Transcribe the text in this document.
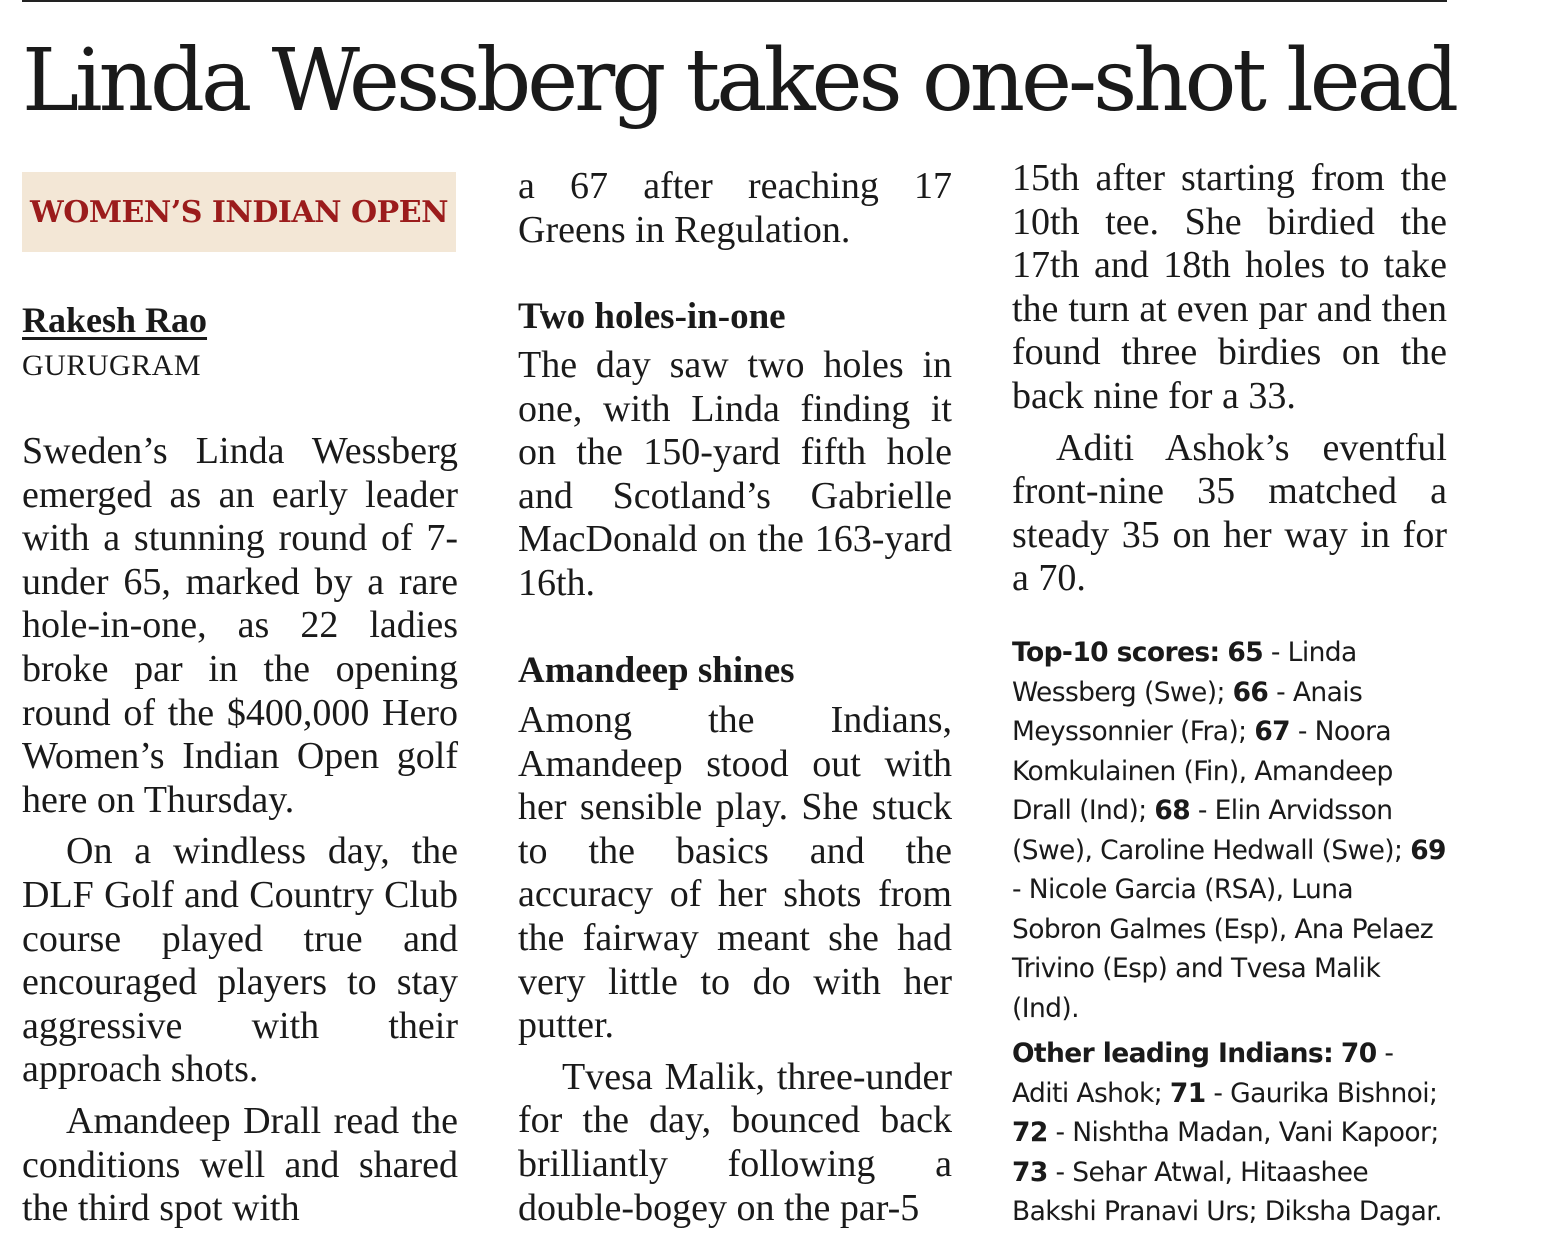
Linda Wessberg takes one-shot lead
WOMEN’S INDIAN OPEN
Rakesh Rao
GURUGRAM

Sweden’s Linda Wessberg emerged as an early leader with a stunning round of 7-under 65, marked by a rare hole-in-one, as 22 ladies broke par in the opening round of the $400,000 Hero Women’s Indian Open golf here on Thursday.

On a windless day, the DLF Golf and Country Club course played true and encouraged players to stay aggressive with their approach shots.

Amandeep Drall read the conditions well and shared the third spot with

a 67 after reaching 17 Greens in Regulation.

Two holes-in-one

The day saw two holes in one, with Linda finding it on the 150-yard fifth hole and Scotland’s Gabrielle MacDonald on the 163-yard 16th.

Amandeep shines

Among the Indians, Amandeep stood out with her sensible play. She stuck to the basics and the accuracy of her shots from the fairway meant she had very little to do with her putter.

Tvesa Malik, three-under for the day, bounced back brilliantly following a double-bogey on the par-5

15th after starting from the 10th tee. She birdied the 17th and 18th holes to take the turn at even par and then found three birdies on the back nine for a 33.

Aditi Ashok’s eventful front-nine 35 matched a steady 35 on her way in for a 70.

Top-10 scores: 65 - Linda Wessberg (Swe); 66 - Anais Meyssonnier (Fra); 67 - Noora Komkulainen (Fin), Amandeep Drall (Ind); 68 - Elin Arvidsson (Swe), Caroline Hedwall (Swe); 69 - Nicole Garcia (RSA), Luna Sobron Galmes (Esp), Ana Pelaez Trivino (Esp) and Tvesa Malik (Ind).

Other leading Indians: 70 - Aditi Ashok; 71 - Gaurika Bishnoi; 72 - Nishtha Madan, Vani Kapoor; 73 - Sehar Atwal, Hitaashee Bakshi Pranavi Urs; Diksha Dagar.
